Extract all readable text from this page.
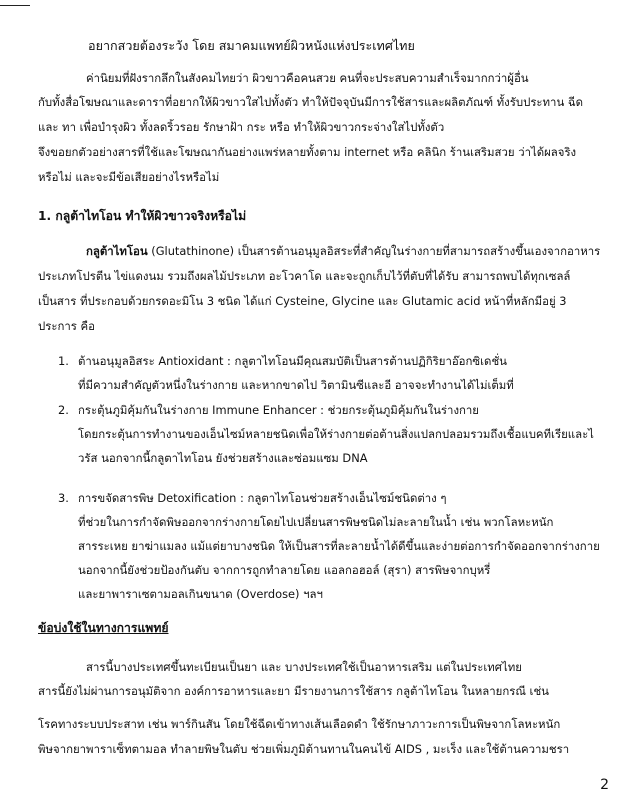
อยากสวยต้องระวัง โดย สมาคมแพทย์ผิวหนังแห่งประเทศไทย
ค่านิยมที่ฝังรากลึกในสังคมไทยว่า ผิวขาวคือคนสวย คนที่จะประสบความสำเร็จมากกว่าผู้อื่น
กับทั้งสื่อโฆษณาและดาราที่อยากให้ผิวขาวใสไปทั้งตัว ทำให้ปัจจุบันมีการใช้สารและผลิตภัณฑ์ ทั้งรับประทาน ฉีด
และ ทา เพื่อบำรุงผิว ทั้งลดริ้วรอย รักษาฝ้า กระ หรือ ทำให้ผิวขาวกระจ่างใสไปทั้งตัว
จึงขอยกตัวอย่างสารที่ใช้และโฆษณากันอย่างแพร่หลายทั้งตาม internet หรือ คลินิก ร้านเสริมสวย ว่าได้ผลจริง
หรือไม่ และจะมีข้อเสียอย่างไรหรือไม่
1. กลูต้าไทโอน ทำให้ผิวขาวจริงหรือไม่
กลูต้าไทโอน (Glutathinone) เป็นสารต้านอนุมูลอิสระที่สำคัญในร่างกายที่สามารถสร้างขึ้นเองจากอาหาร
ประเภทโปรตีน ไข่แดงนม รวมถึงผลไม้ประเภท อะโวคาโด และจะถูกเก็บไว้ที่ตับที่ได้รับ สามารถพบได้ทุกเซลล์
เป็นสาร ที่ประกอบด้วยกรดอะมิโน 3 ชนิด ได้แก่ Cysteine, Glycine และ Glutamic acid หน้าที่หลักมีอยู่ 3
ประการ คือ
1. ต้านอนุมูลอิสระ Antioxidant : กลูตาไทโอนมีคุณสมบัติเป็นสารต้านปฏิกิริยาอ๊อกซิเดชั่น
ที่มีความสำคัญตัวหนึ่งในร่างกาย และหากขาดไป วิตามินซีและอี อาจจะทำงานได้ไม่เต็มที่
2. กระตุ้นภูมิคุ้มกันในร่างกาย Immune Enhancer : ช่วยกระตุ้นภูมิคุ้มกันในร่างกาย
โดยกระตุ้นการทำงานของเอ็นไซม์หลายชนิดเพื่อให้ร่างกายต่อต้านสิ่งแปลกปลอมรวมถึงเชื้อแบคทีเรียและไ
วรัส นอกจากนี้กลูตาไทโอน ยังช่วยสร้างและซ่อมแซม DNA
3. การขจัดสารพิษ Detoxification : กลูตาไทโอนช่วยสร้างเอ็นไซม์ชนิดต่าง ๆ
ที่ช่วยในการกำจัดพิษออกจากร่างกายโดยไปเปลี่ยนสารพิษชนิดไม่ละลายในน้ำ เช่น พวกโลหะหนัก
สารระเหย ยาฆ่าแมลง แม้แต่ยาบางชนิด ให้เป็นสารที่ละลายน้ำได้ดีขึ้นและง่ายต่อการกำจัดออกจากร่างกาย
นอกจากนี้ยังช่วยป้องกันตับ จากการถูกทำลายโดย แอลกอฮอล์ (สุรา) สารพิษจากบุหรี่
และยาพาราเซตามอลเกินขนาด (Overdose) ฯลฯ
ข้อบ่งใช้ในทางการแพทย์
สารนี้บางประเทศขึ้นทะเบียนเป็นยา และ บางประเทศใช้เป็นอาหารเสริม แต่ในประเทศไทย
สารนี้ยังไม่ผ่านการอนุมัติจาก องค์การอาหารและยา มีรายงานการใช้สาร กลูต้าไทโอน ในหลายกรณี เช่น
โรคทางระบบประสาท เช่น พาร์กินสัน โดยใช้ฉีดเข้าทางเส้นเลือดดำ ใช้รักษาภาวะการเป็นพิษจากโลหะหนัก
พิษจากยาพาราเซ็ทตามอล ทำลายพิษในตับ ช่วยเพิ่มภูมิต้านทานในคนไข้ AIDS , มะเร็ง และใช้ต้านความชรา
2
